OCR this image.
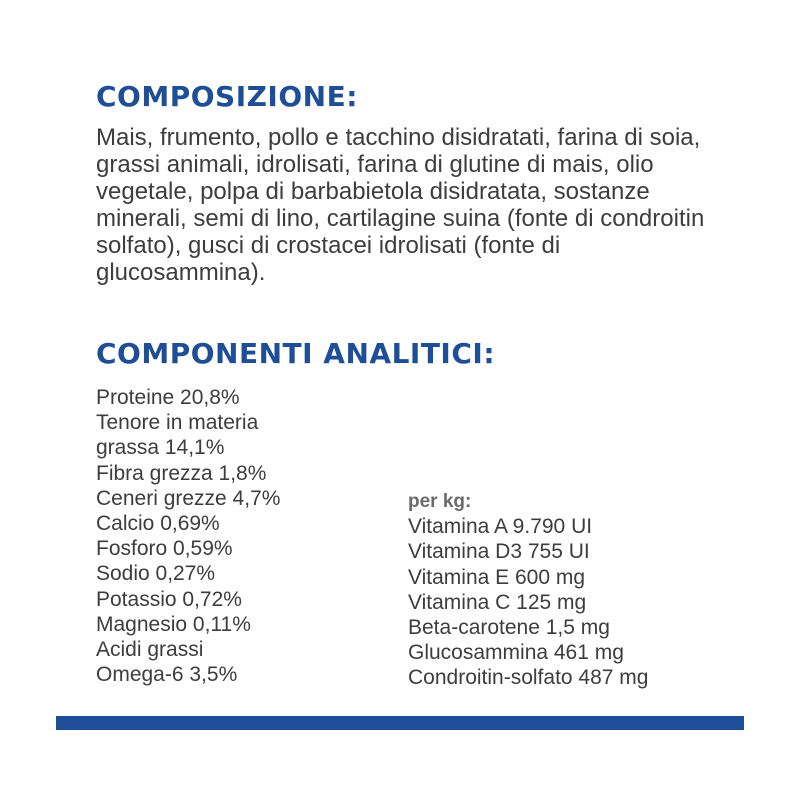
COMPOSIZIONE:

Mais, frumento, pollo e tacchino disidratati, farina di soia, grassi animali, idrolisati, farina di glutine di mais, olio vegetale, polpa di barbabietola disidratata, sostanze minerali, semi di lino, cartilagine suina (fonte di condroitin solfato), gusci di crostacei idrolisati (fonte di glucosammina).

COMPONENTI ANALITICI:
Proteine 20,8%
Tenore in materia
grassa 14,1%
Fibra grezza 1,8%
Ceneri grezze 4,7%
Calcio 0,69%
Fosforo 0,59%
Sodio 0,27%
Potassio 0,72%
Magnesio 0,11%
Acidi grassi
Omega-6 3,5%
per kg:
Vitamina A 9.790 UI
Vitamina D3 755 UI
Vitamina E 600 mg
Vitamina C 125 mg
Beta-carotene 1,5 mg
Glucosammina 461 mg
Condroitin-solfato 487 mg
